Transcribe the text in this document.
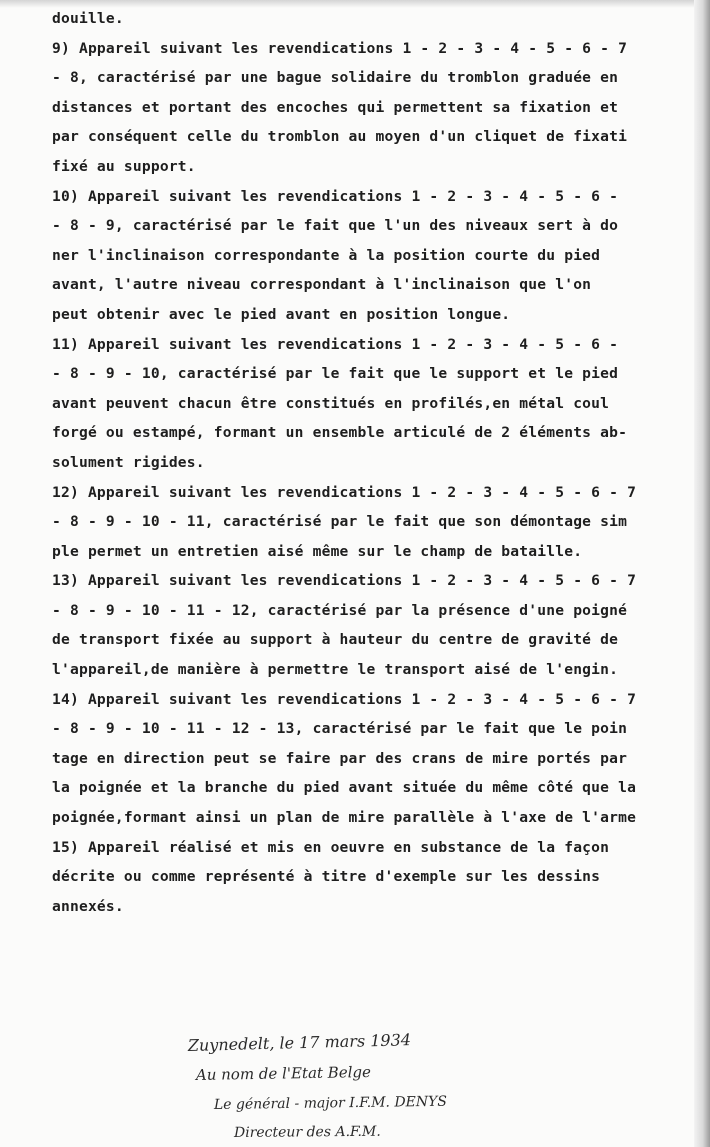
douille.
9) Appareil suivant les revendications 1 - 2 - 3 - 4 - 5 - 6 - 7
- 8, caractérisé par une bague solidaire du tromblon graduée en
distances et portant des encoches qui permettent sa fixation et
par conséquent celle du tromblon au moyen d'un cliquet de fixati
fixé au support.
10) Appareil suivant les revendications 1 - 2 - 3 - 4 - 5 - 6 -
- 8 - 9, caractérisé par le fait que l'un des niveaux sert à do
ner l'inclinaison correspondante à la position courte du pied
avant, l'autre niveau correspondant à l'inclinaison que l'on
peut obtenir avec le pied avant en position longue.
11) Appareil suivant les revendications 1 - 2 - 3 - 4 - 5 - 6 -
- 8 - 9 - 10, caractérisé par le fait que le support et le pied
avant peuvent chacun être constitués en profilés,en métal coul
forgé ou estampé, formant un ensemble articulé de 2 éléments ab-
solument rigides.
12) Appareil suivant les revendications 1 - 2 - 3 - 4 - 5 - 6 - 7
- 8 - 9 - 10 - 11, caractérisé par le fait que son démontage sim
ple permet un entretien aisé même sur le champ de bataille.
13) Appareil suivant les revendications 1 - 2 - 3 - 4 - 5 - 6 - 7
- 8 - 9 - 10 - 11 - 12, caractérisé par la présence d'une poigné
de transport fixée au support à hauteur du centre de gravité de
l'appareil,de manière à permettre le transport aisé de l'engin.
14) Appareil suivant les revendications 1 - 2 - 3 - 4 - 5 - 6 - 7
- 8 - 9 - 10 - 11 - 12 - 13, caractérisé par le fait que le poin
tage en direction peut se faire par des crans de mire portés par
la poignée et la branche du pied avant située du même côté que la
poignée,formant ainsi un plan de mire parallèle à l'axe de l'arme
15) Appareil réalisé et mis en oeuvre en substance de la façon
décrite ou comme représenté à titre d'exemple sur les dessins
annexés.
Zuynedelt, le 17 mars 1934
Au nom de l'Etat Belge
Le général - major I.F.M. DENYS
Directeur des A.F.M.
